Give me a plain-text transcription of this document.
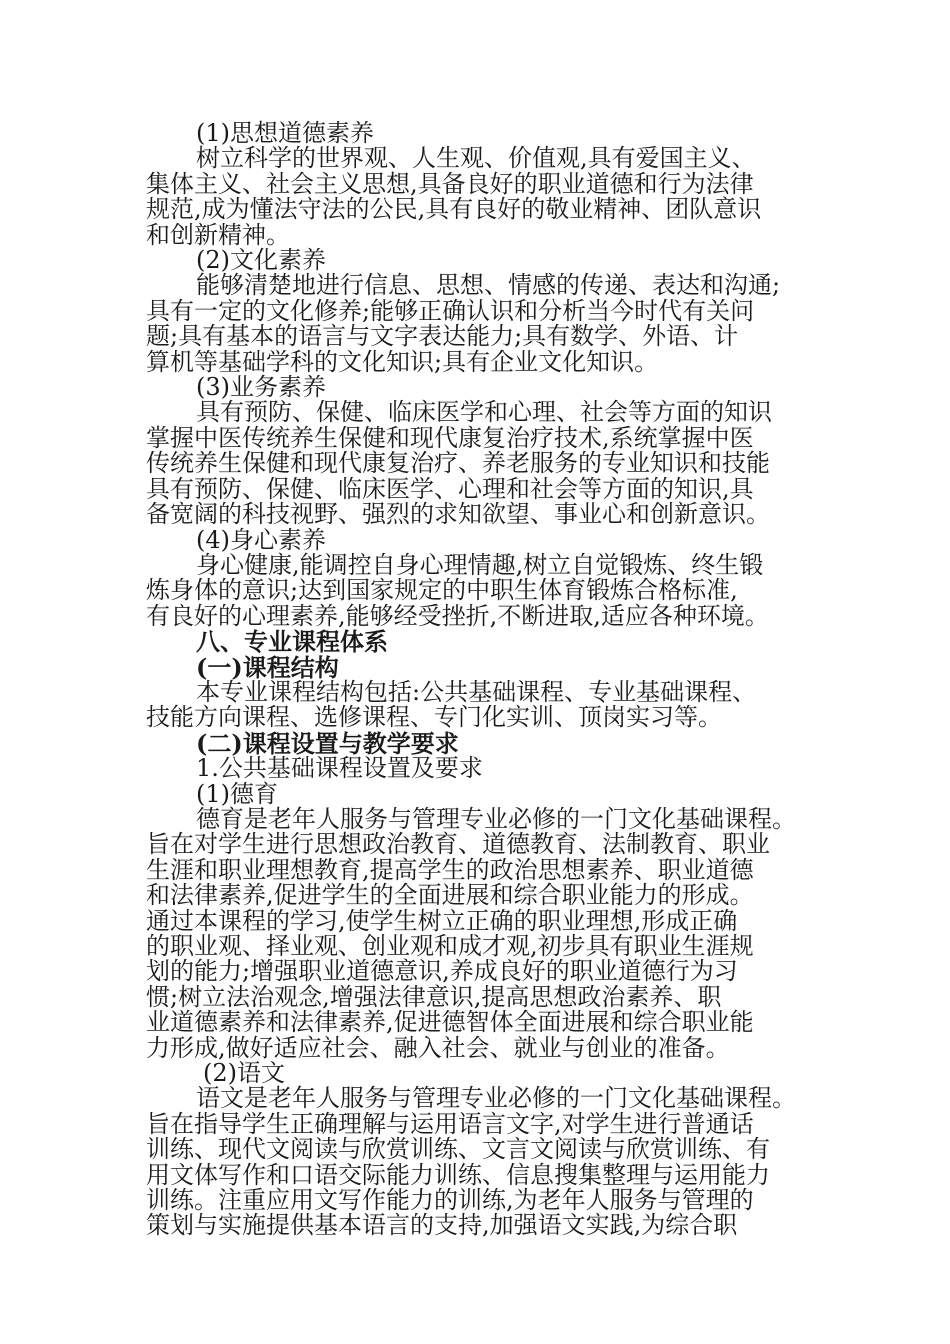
(1)思想道德素养

树立科学的世界观、人生观、价值观,具有爱国主义、

集体主义、社会主义思想,具备良好的职业道德和行为法律

规范,成为懂法守法的公民,具有良好的敬业精神、团队意识

和创新精神。

(2)文化素养

能够清楚地进行信息、思想、情感的传递、表达和沟通;

具有一定的文化修养;能够正确认识和分析当今时代有关问

题;具有基本的语言与文字表达能力;具有数学、外语、计

算机等基础学科的文化知识;具有企业文化知识。

(3)业务素养

具有预防、保健、临床医学和心理、社会等方面的知识

掌握中医传统养生保健和现代康复治疗技术,系统掌握中医

传统养生保健和现代康复治疗、养老服务的专业知识和技能

具有预防、保健、临床医学、心理和社会等方面的知识,具

备宽阔的科技视野、强烈的求知欲望、事业心和创新意识。

(4)身心素养

身心健康,能调控自身心理情趣,树立自觉锻炼、终生锻

炼身体的意识;达到国家规定的中职生体育锻炼合格标准,

有良好的心理素养,能够经受挫折,不断进取,适应各种环境。

八、专业课程体系

(一)课程结构

本专业课程结构包括:公共基础课程、专业基础课程、

技能方向课程、选修课程、专门化实训、顶岗实习等。

(二)课程设置与教学要求

1.公共基础课程设置及要求

(1)德育

德育是老年人服务与管理专业必修的一门文化基础课程。

旨在对学生进行思想政治教育、道德教育、法制教育、职业

生涯和职业理想教育,提高学生的政治思想素养、职业道德

和法律素养,促进学生的全面进展和综合职业能力的形成。

通过本课程的学习,使学生树立正确的职业理想,形成正确

的职业观、择业观、创业观和成才观,初步具有职业生涯规

划的能力;增强职业道德意识,养成良好的职业道德行为习

惯;树立法治观念,增强法律意识,提高思想政治素养、职

业道德素养和法律素养,促进德智体全面进展和综合职业能

力形成,做好适应社会、融入社会、就业与创业的准备。

(2)语文

语文是老年人服务与管理专业必修的一门文化基础课程。

旨在指导学生正确理解与运用语言文字,对学生进行普通话

训练、现代文阅读与欣赏训练、文言文阅读与欣赏训练、有

用文体写作和口语交际能力训练、信息搜集整理与运用能力

训练。注重应用文写作能力的训练,为老年人服务与管理的

策划与实施提供基本语言的支持,加强语文实践,为综合职
